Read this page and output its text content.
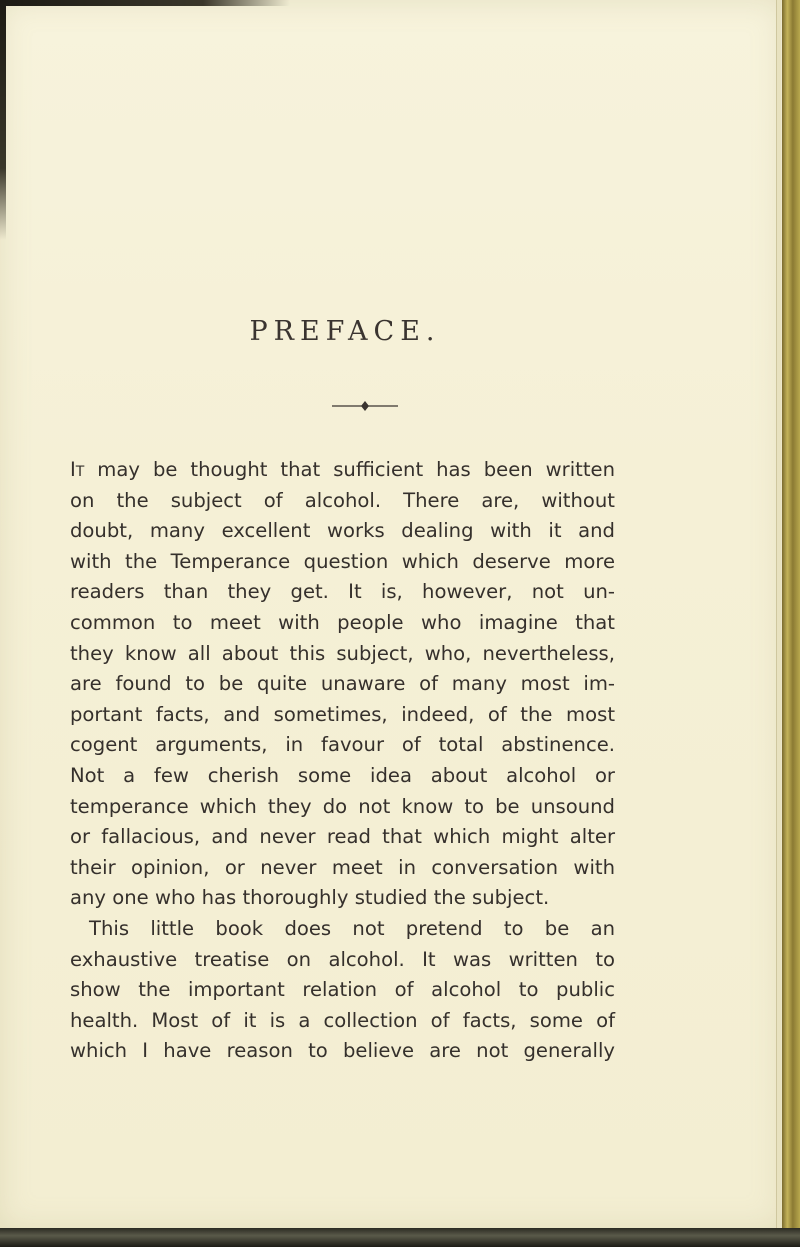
PREFACE.
It may be thought that sufficient has been written
on the subject of alcohol. There are, without
doubt, many excellent works dealing with it and
with the Temperance question which deserve more
readers than they get. It is, however, not un-
common to meet with people who imagine that
they know all about this subject, who, nevertheless,
are found to be quite unaware of many most im-
portant facts, and sometimes, indeed, of the most
cogent arguments, in favour of total abstinence.
Not a few cherish some idea about alcohol or
temperance which they do not know to be unsound
or fallacious, and never read that which might alter
their opinion, or never meet in conversation with
any one who has thoroughly studied the subject.
This little book does not pretend to be an
exhaustive treatise on alcohol. It was written to
show the important relation of alcohol to public
health. Most of it is a collection of facts, some of
which I have reason to believe are not generally
